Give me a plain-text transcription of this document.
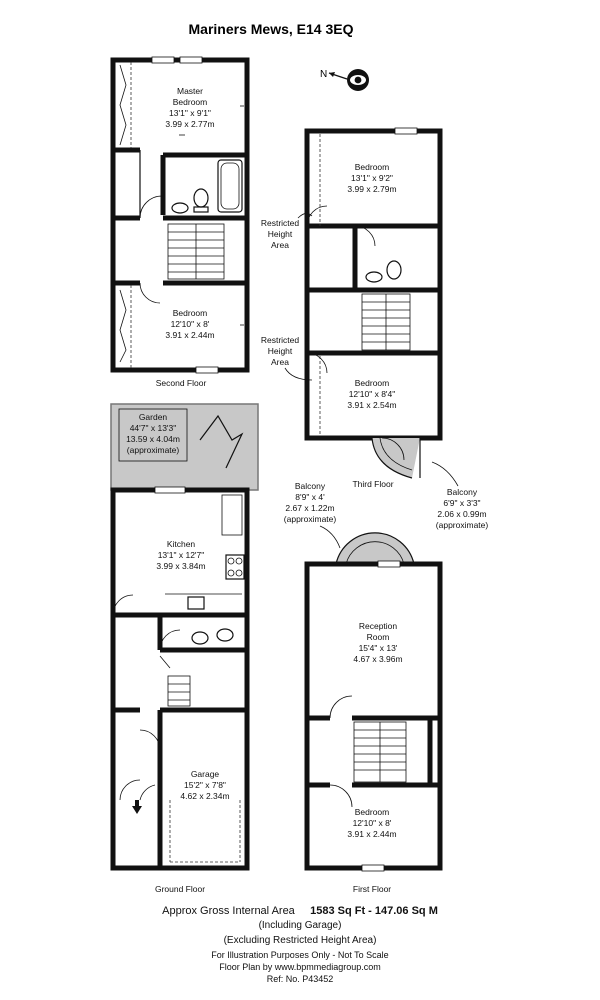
Mariners Mews, E14 3EQ
N
Master
Bedroom
13'1" x 9'1"
3.99 x 2.77m
Bedroom
12'10" x 8'
3.91 x 2.44m
Second Floor
Bedroom
13'1" x 9'2"
3.99 x 2.79m
Bedroom
12'10" x 8'4"
3.91 x 2.54m
Restricted
Height
Area
Restricted
Height
Area
Third Floor
Balcony
6'9" x 3'3"
2.06 x 0.99m
(approximate)
Garden
44'7" x 13'3"
13.59 x 4.04m
(approximate)
Kitchen
13'1" x 12'7"
3.99 x 3.84m
Garage
15'2" x 7'8"
4.62 x 2.34m
Ground Floor
Reception
Room
15'4" x 13'
4.67 x 3.96m
Bedroom
12'10" x 8'
3.91 x 2.44m
Balcony
8'9" x 4'
2.67 x 1.22m
(approximate)
First Floor
Approx Gross Internal Area 1583 Sq Ft - 147.06 Sq M
(Including Garage)
(Excluding Restricted Height Area)
For Illustration Purposes Only - Not To Scale
Floor Plan by www.bpmmediagroup.com
Ref: No. P43452
